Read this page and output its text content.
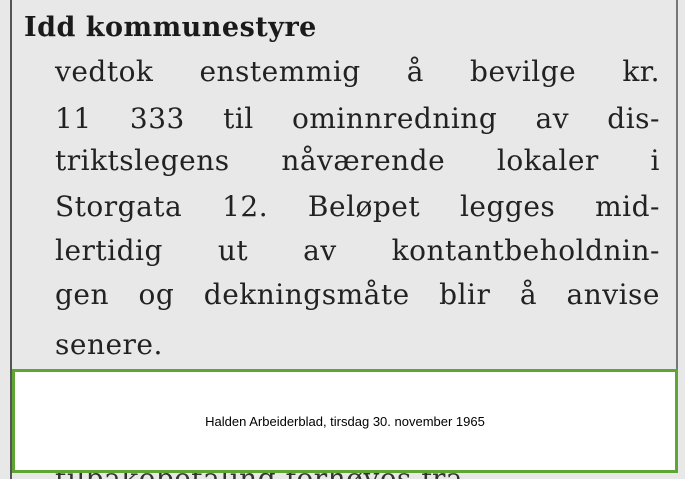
Idd kommunestyre

vedtok enstemmig å bevilge kr.

11 333 til ominnredning av dis-

triktslegens nåværende lokaler i

Storgata 12. Beløpet legges mid-

lertidig ut av kontantbeholdnin-

gen og dekningsmåte blir å anvise

senere.

Halden Arbeiderblad, tirsdag 30. november 1965
